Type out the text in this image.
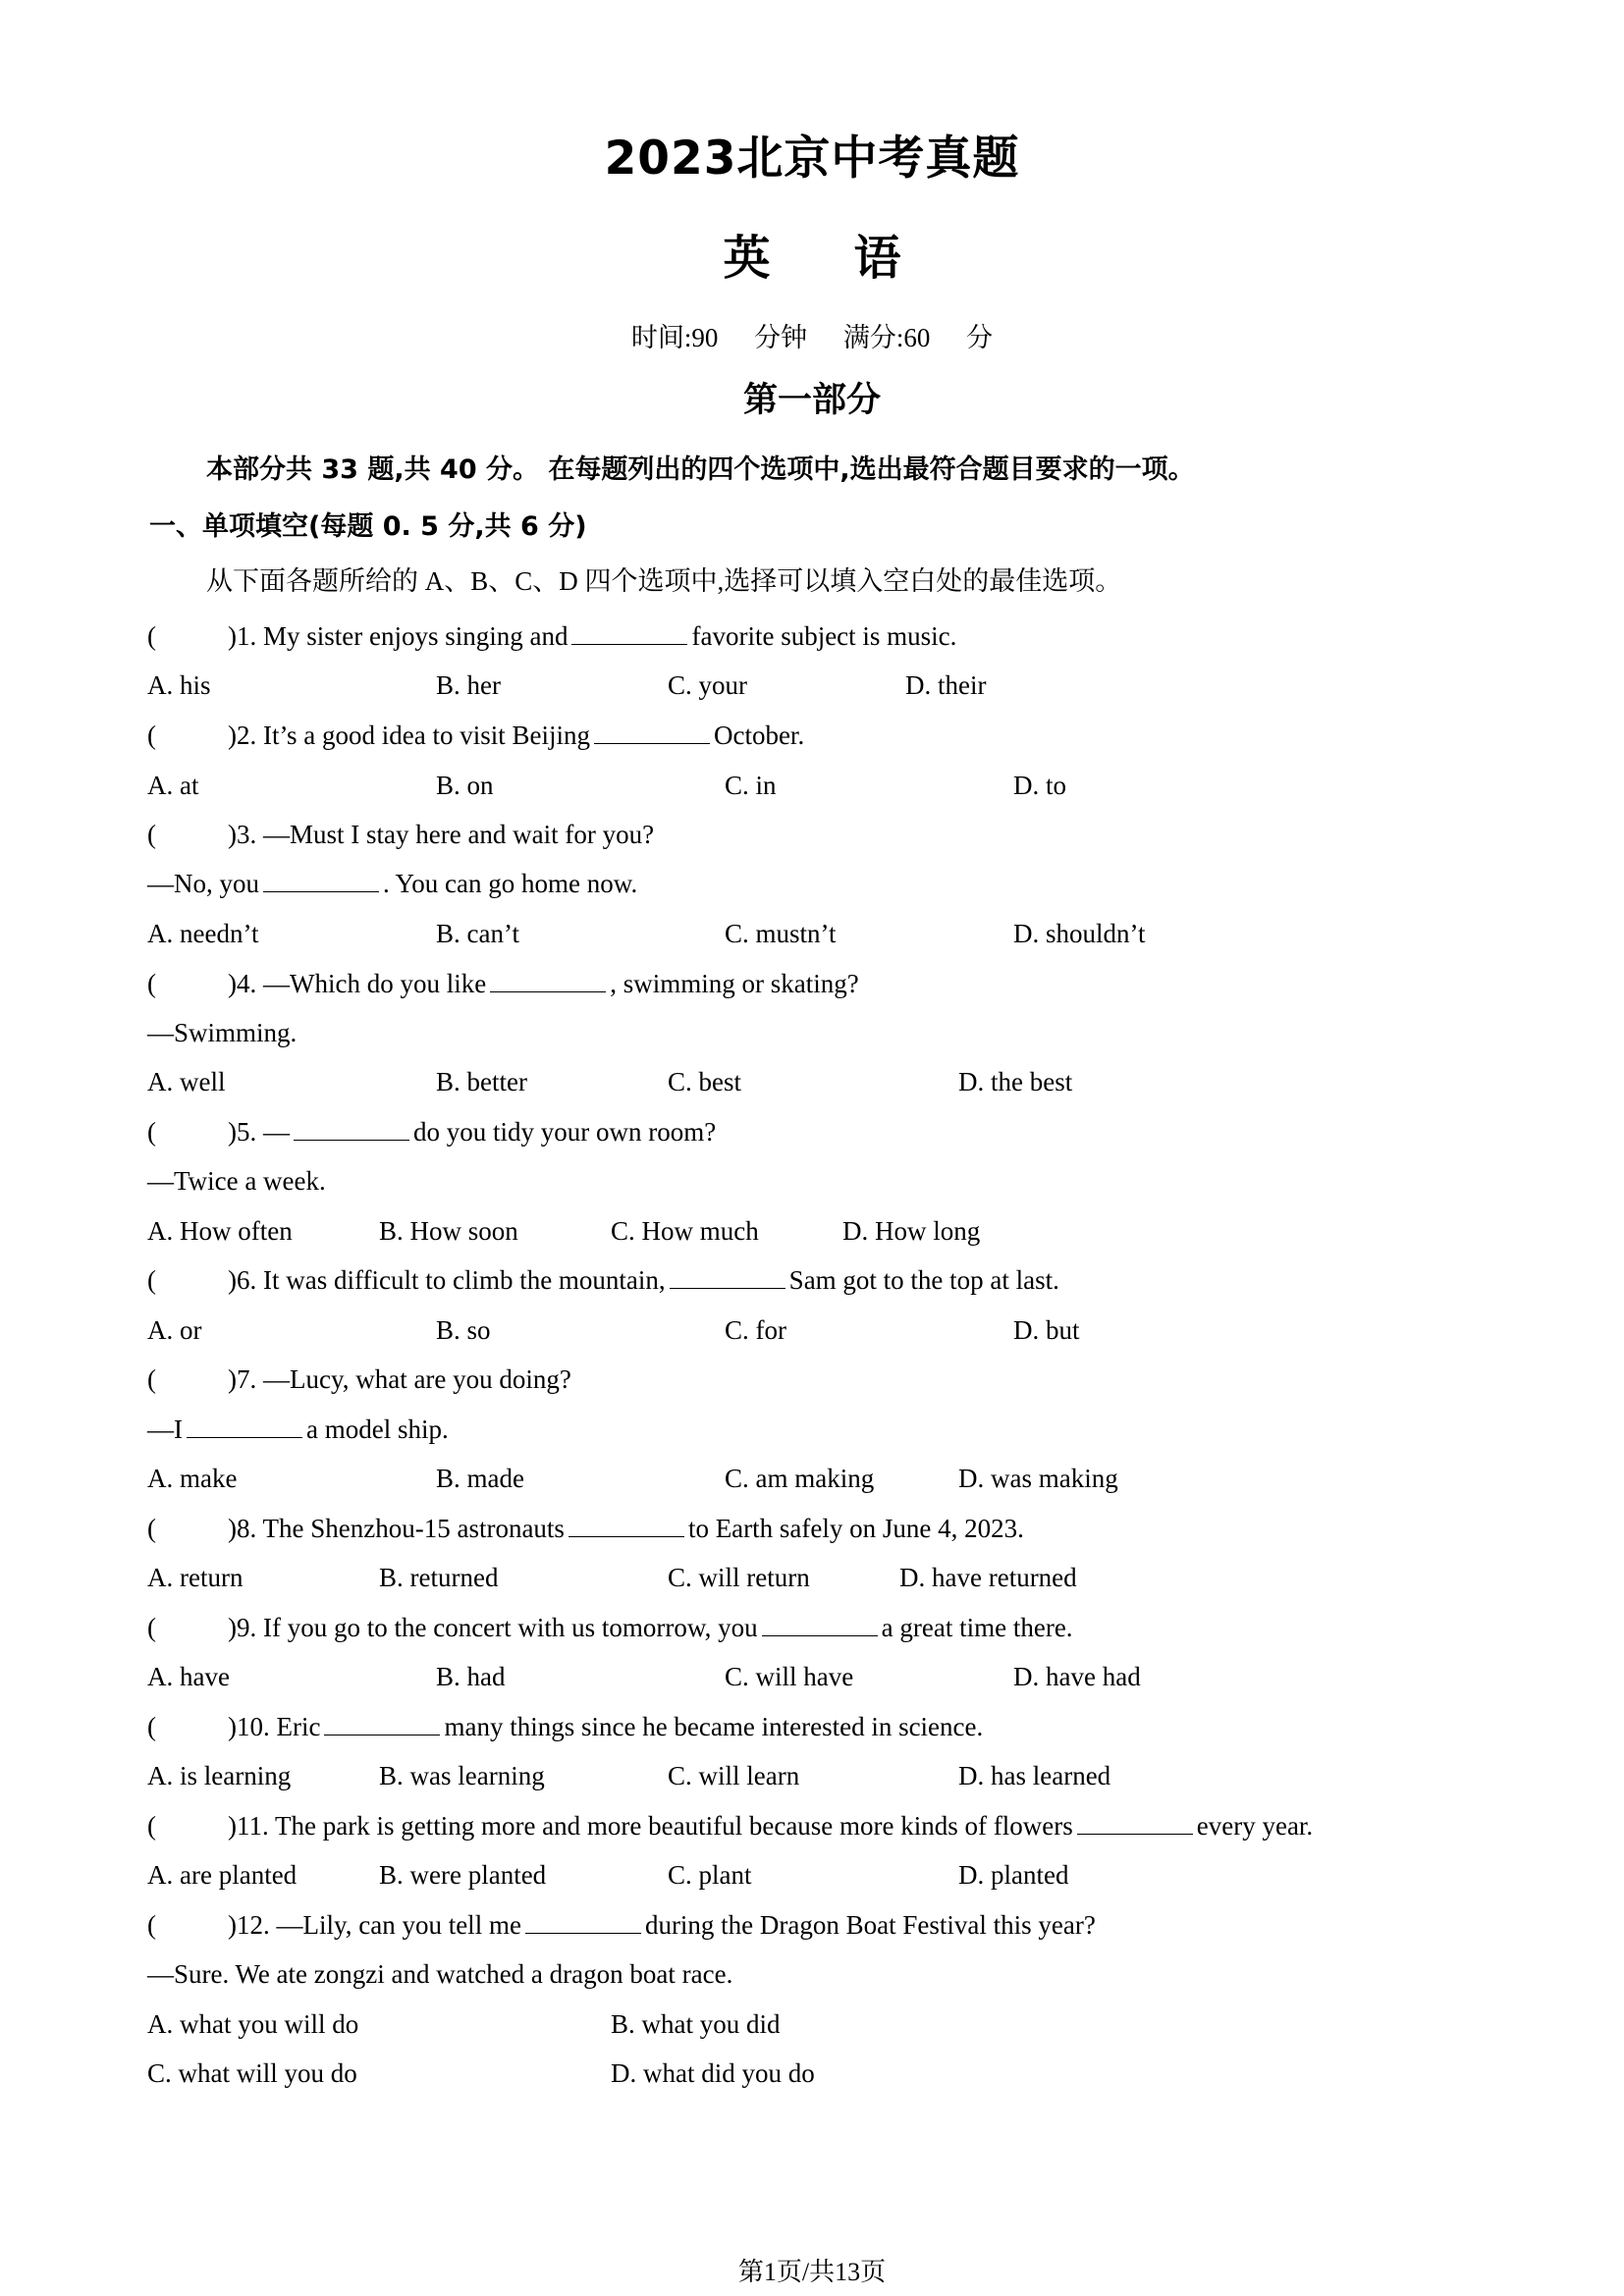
2023北京中考真题
英语
时间:90 分钟 满分:60 分
第一部分
本部分共 33 题,共 40 分。 在每题列出的四个选项中,选出最符合题目要求的一项。
一、单项填空(每题 0. 5 分,共 6 分)
从下面各题所给的 A、B、C、D 四个选项中,选择可以填入空白处的最佳选项。
(	)1. My sister enjoys singing and	favorite subject is music.
A. his	B. her	C. your	D. their
(	)2. It’s a good idea to visit Beijing	October.
A. at	B. on	C. in	D. to
(	)3. —Must I stay here and wait for you?
—No, you	. You can go home now.
A. needn’t	B. can’t	C. mustn’t	D. shouldn’t
(	)4. —Which do you like	, swimming or skating?
—Swimming.
A. well	B. better	C. best	D. the best
(	)5. —	do you tidy your own room?
—Twice a week.
A. How often	B. How soon	C. How much	D. How long
(	)6. It was difficult to climb the mountain,	Sam got to the top at last.
A. or	B. so	C. for	D. but
(	)7. —Lucy, what are you doing?
—I	a model ship.
A. make	B. made	C. am making	D. was making
(	)8. The Shenzhou-15 astronauts	to Earth safely on June 4, 2023.
A. return	B. returned	C. will return	D. have returned
(	)9. If you go to the concert with us tomorrow, you	a great time there.
A. have	B. had	C. will have	D. have had
(	)10. Eric	many things since he became interested in science.
A. is learning	B. was learning	C. will learn	D. has learned
(	)11. The park is getting more and more beautiful because more kinds of flowers	every year.
A. are planted	B. were planted	C. plant	D. planted
(	)12. —Lily, can you tell me	during the Dragon Boat Festival this year?
—Sure. We ate zongzi and watched a dragon boat race.
A. what you will do	B. what you did
C. what will you do	D. what did you do
第1页/共13页
